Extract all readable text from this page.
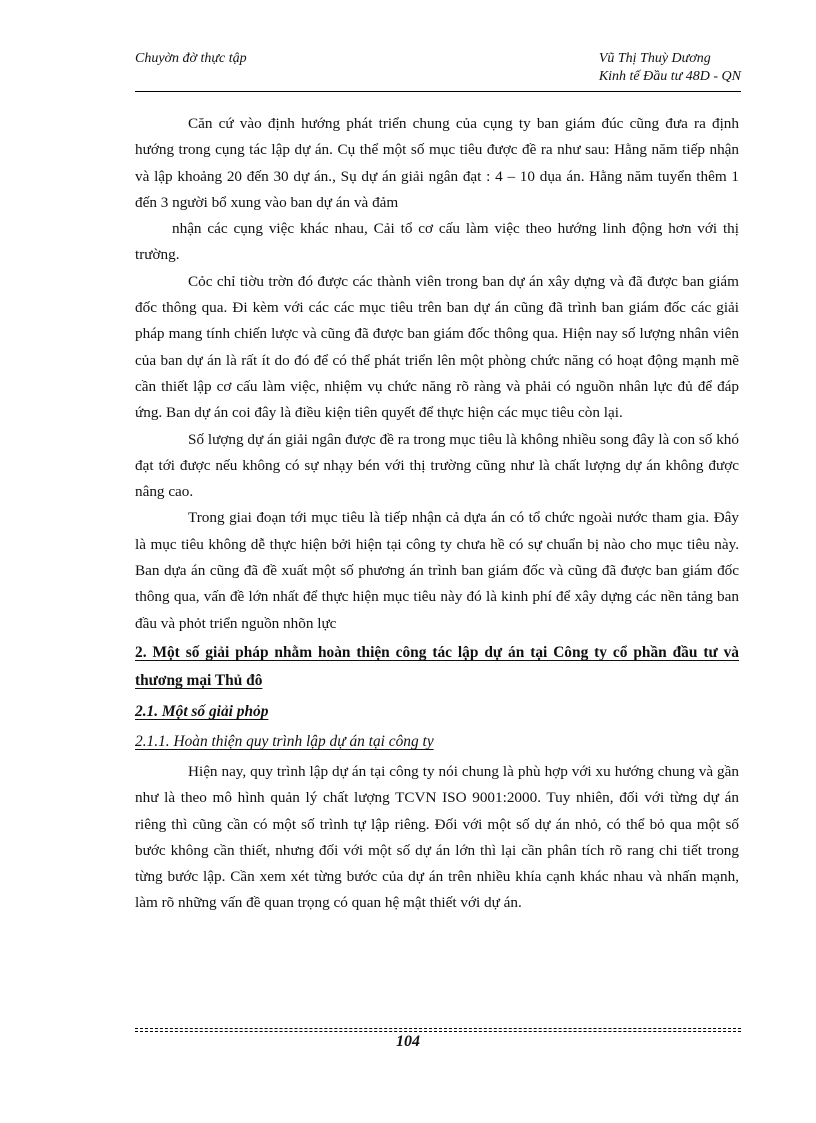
Chuyờn đờ thực tập	Vũ Thị Thuỳ Dương
Kinh tế Đầu tư 48D - QN

Căn cứ vào định hướng phát triển chung của cụng ty ban giám đúc cũng đưa ra định hướng trong cụng tác lập dự án. Cụ thể một số mục tiêu được đề ra như sau: Hằng năm tiếp nhận và lập khoảng 20 đến 30 dự án., Sụ dự án giải ngân đạt : 4 – 10 dụa án. Hằng năm tuyển thêm 1 đến 3 người bổ xung vào ban dự án và đảm

nhận các cụng việc khác nhau, Cải tổ cơ cấu làm việc theo hướng linh động hơn với thị trường.

Cỏc chỉ tiờu trờn đó được các thành viên trong ban dự án xây dựng và đã được ban giám đốc thông qua. Đi kèm với các các mục tiêu trên ban dự án cũng đã trình ban giám đốc các giải pháp mang tính chiến lược và cũng đã được ban giám đốc thông qua. Hiện nay số lượng nhân viên của ban dự án là rất ít do đó để có thể phát triển lên một phòng chức năng có hoạt động mạnh mẽ cần thiết lập cơ cấu làm việc, nhiệm vụ chức năng rõ ràng và phải có nguồn nhân lực đủ để đáp ứng. Ban dự án coi đây là điều kiện tiên quyết để thực hiện các mục tiêu còn lại.

Số lượng dự án giải ngân được đề ra trong mục tiêu là không nhiều song đây là con số khó đạt tới được nếu không có sự nhạy bén với thị trường cũng như là chất lượng dự án không được nâng cao.

Trong giai đoạn tới mục tiêu là tiếp nhận cả dựa án có tổ chức ngoài nước tham gia. Đây là mục tiêu không dễ thực hiện bởi hiện tại công ty chưa hề có sự chuẩn bị nào cho mục tiêu này. Ban dựa án cũng đã đề xuất một số phương án trình ban giám đốc và cũng đã được ban giám đốc thông qua, vấn đề lớn nhất để thực hiện mục tiêu này đó là kinh phí để xây dựng các nền tảng ban đầu và phỏt triển nguồn nhõn lực

2. Một số giải pháp nhằm hoàn thiện công tác lập dự án tại Công ty cổ phần đầu tư và thương mại Thủ đô
2.1. Một số giải phỏp
2.1.1. Hoàn thiện quy trình lập dự án tại công ty

Hiện nay, quy trình lập dự án tại công ty nói chung là phù hợp với xu hướng chung và gần như là theo mô hình quản lý chất lượng TCVN ISO 9001:2000. Tuy nhiên, đối với từng dự án riêng thì cũng cần có một số trình tự lập riêng. Đối với một số dự án nhỏ, có thể bỏ qua một số bước không cần thiết, nhưng đối với một số dự án lớn thì lại cần phân tích rõ rang chi tiết trong từng bước lập. Cần xem xét từng bước của dự án trên nhiều khía cạnh khác nhau và nhấn mạnh, làm rõ những vấn đề quan trọng có quan hệ mật thiết với dự án.

104
